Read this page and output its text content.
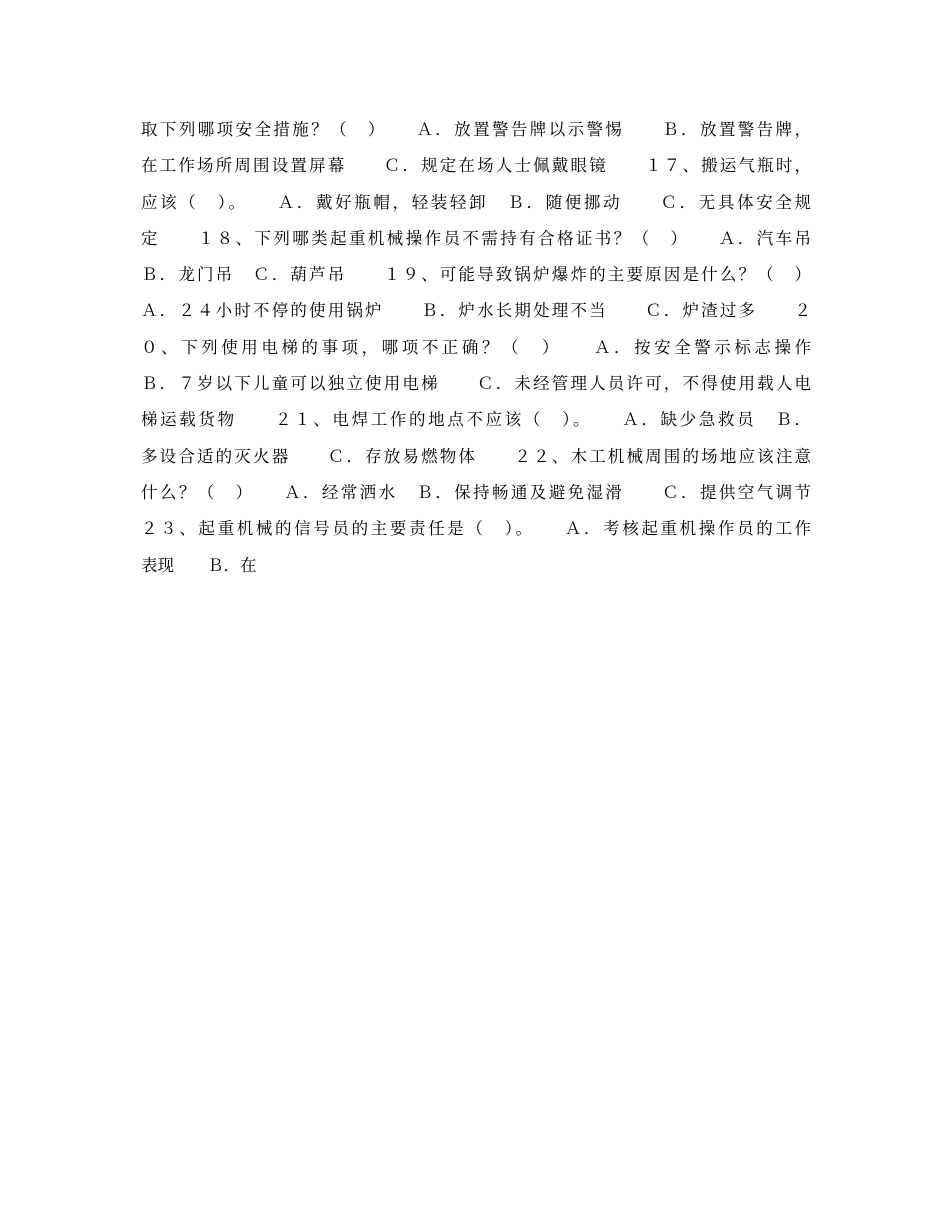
取下列哪项安全措施？（　）　　Ａ．放置警告牌以示警惕　　Ｂ．放置警告牌，
在工作场所周围设置屏幕　　Ｃ．规定在场人士佩戴眼镜　　１７、搬运气瓶时，
应该（　）。　　Ａ．戴好瓶帽，轻装轻卸　Ｂ．随便挪动　　Ｃ．无具体安全规
定　　１８、下列哪类起重机械操作员不需持有合格证书？（　）　　Ａ．汽车吊
Ｂ．龙门吊　Ｃ．葫芦吊　　１９、可能导致锅炉爆炸的主要原因是什么？（　）
Ａ．２４小时不停的使用锅炉　　Ｂ．炉水长期处理不当　　Ｃ．炉渣过多　　２
０、下列使用电梯的事项，哪项不正确？（　）　　Ａ．按安全警示标志操作
Ｂ．７岁以下儿童可以独立使用电梯　　Ｃ．未经管理人员许可，不得使用载人电
梯运载货物　　２１、电焊工作的地点不应该（　）。　　Ａ．缺少急救员　Ｂ．
多设合适的灭火器　　Ｃ．存放易燃物体　　２２、木工机械周围的场地应该注意
什么？（　）　　Ａ．经常洒水　Ｂ．保持畅通及避免湿滑　　Ｃ．提供空气调节
２３、起重机械的信号员的主要责任是（　）。　　Ａ．考核起重机操作员的工作
表现　　Ｂ．在
